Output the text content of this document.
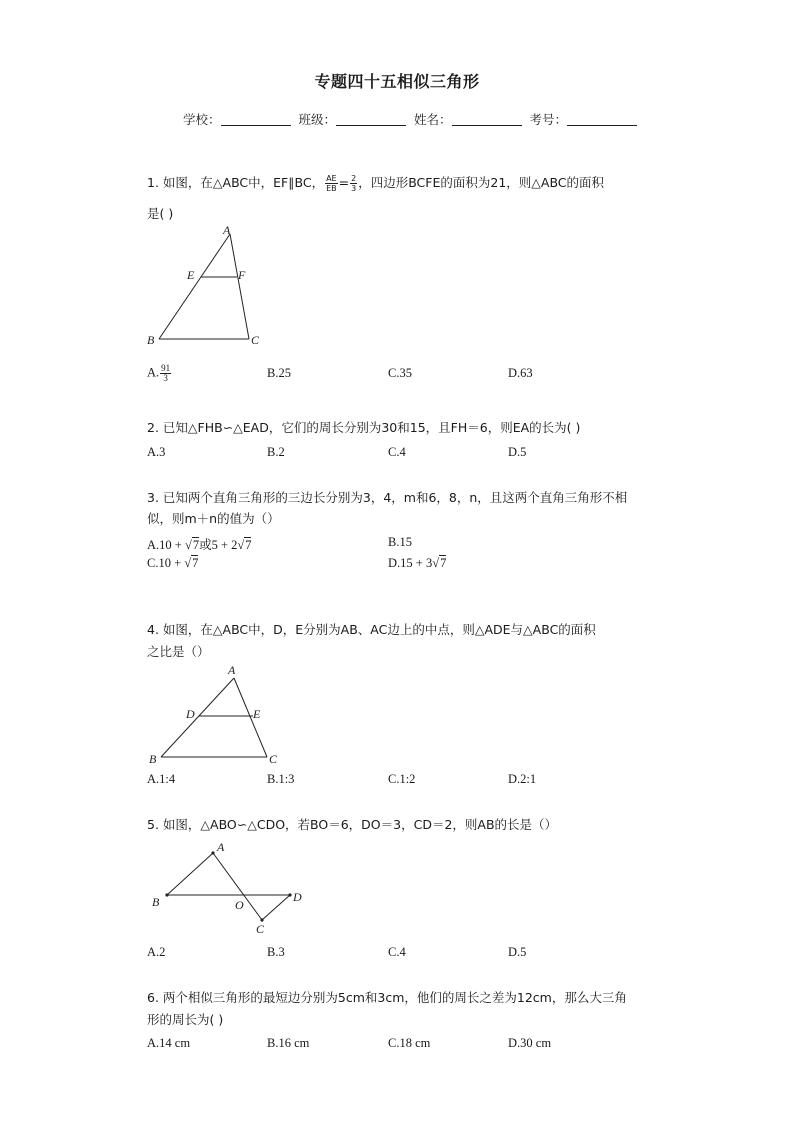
专题四十五相似三角形
学校：	班级：	姓名：	考号：
1. 如图，在△ABC中，EF∥BC， $\frac{AE}{EB} = \frac{2}{3}$ ，四边形BCFE的面积为21，则△ABC的面积
是( )
A
E	F
B	C
A. $\frac{91}{3}$	B.25	C.35	D.63
2. 已知△FHB∽△EAD，它们的周长分别为30和15，且FH＝6，则EA的长为( )
A.3	B.2	C.4	D.5
3. 已知两个直角三角形的三边长分别为3，4，m和6，8，n，且这两个直角三角形不相
似，则m＋n的值为（）
A.10 + √7或5 + 2√7	B.15
C.10 + √7	D.15 + 3√7
4. 如图，在△ABC中，D，E分别为AB、AC边上的中点，则△ADE与△ABC的面积
之比是（）
A
D	E
B	C
A.1:4	B.1:3	C.1:2	D.2:1
5. 如图，△ABO∽△CDO，若BO＝6，DO＝3，CD＝2，则AB的长是（）
A
B	O
D
C
A.2	B.3	C.4	D.5
6. 两个相似三角形的最短边分别为5cm和3cm，他们的周长之差为12cm，那么大三角
形的周长为( )
A.14 cm	B.16 cm	C.18 cm	D.30 cm
